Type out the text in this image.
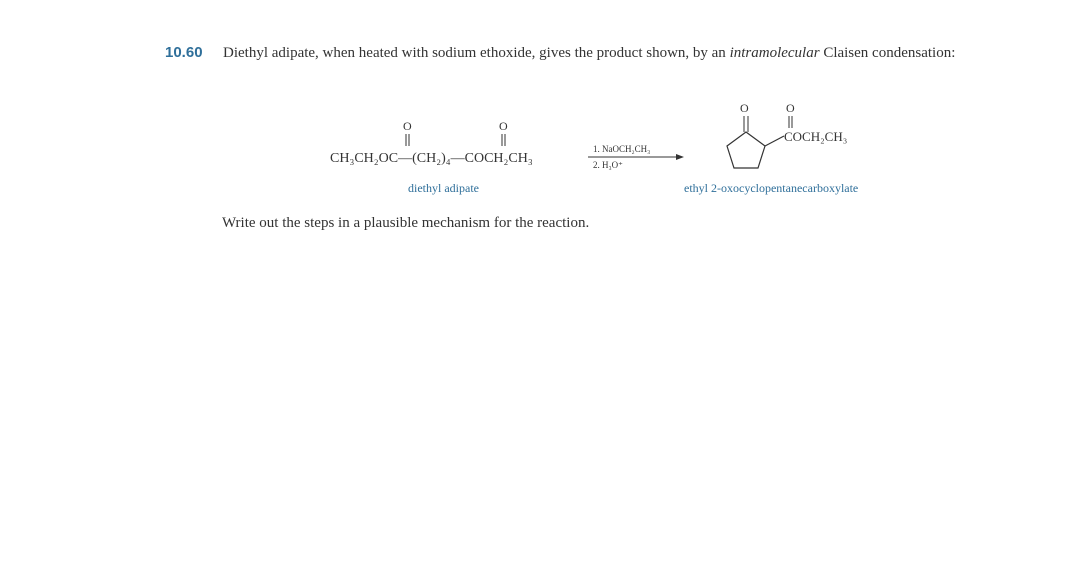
10.60 Diethyl adipate, when heated with sodium ethoxide, gives the product shown, by an intramolecular Claisen condensation:
O	O
CH₃CH₂OC—(CH₂)₄—COCH₂CH₃
diethyl adipate
1. NaOCH₂CH₃
2. H₃O⁺
O	O
COCH₂CH₃
ethyl 2-oxocyclopentanecarboxylate
Write out the steps in a plausible mechanism for the reaction.
